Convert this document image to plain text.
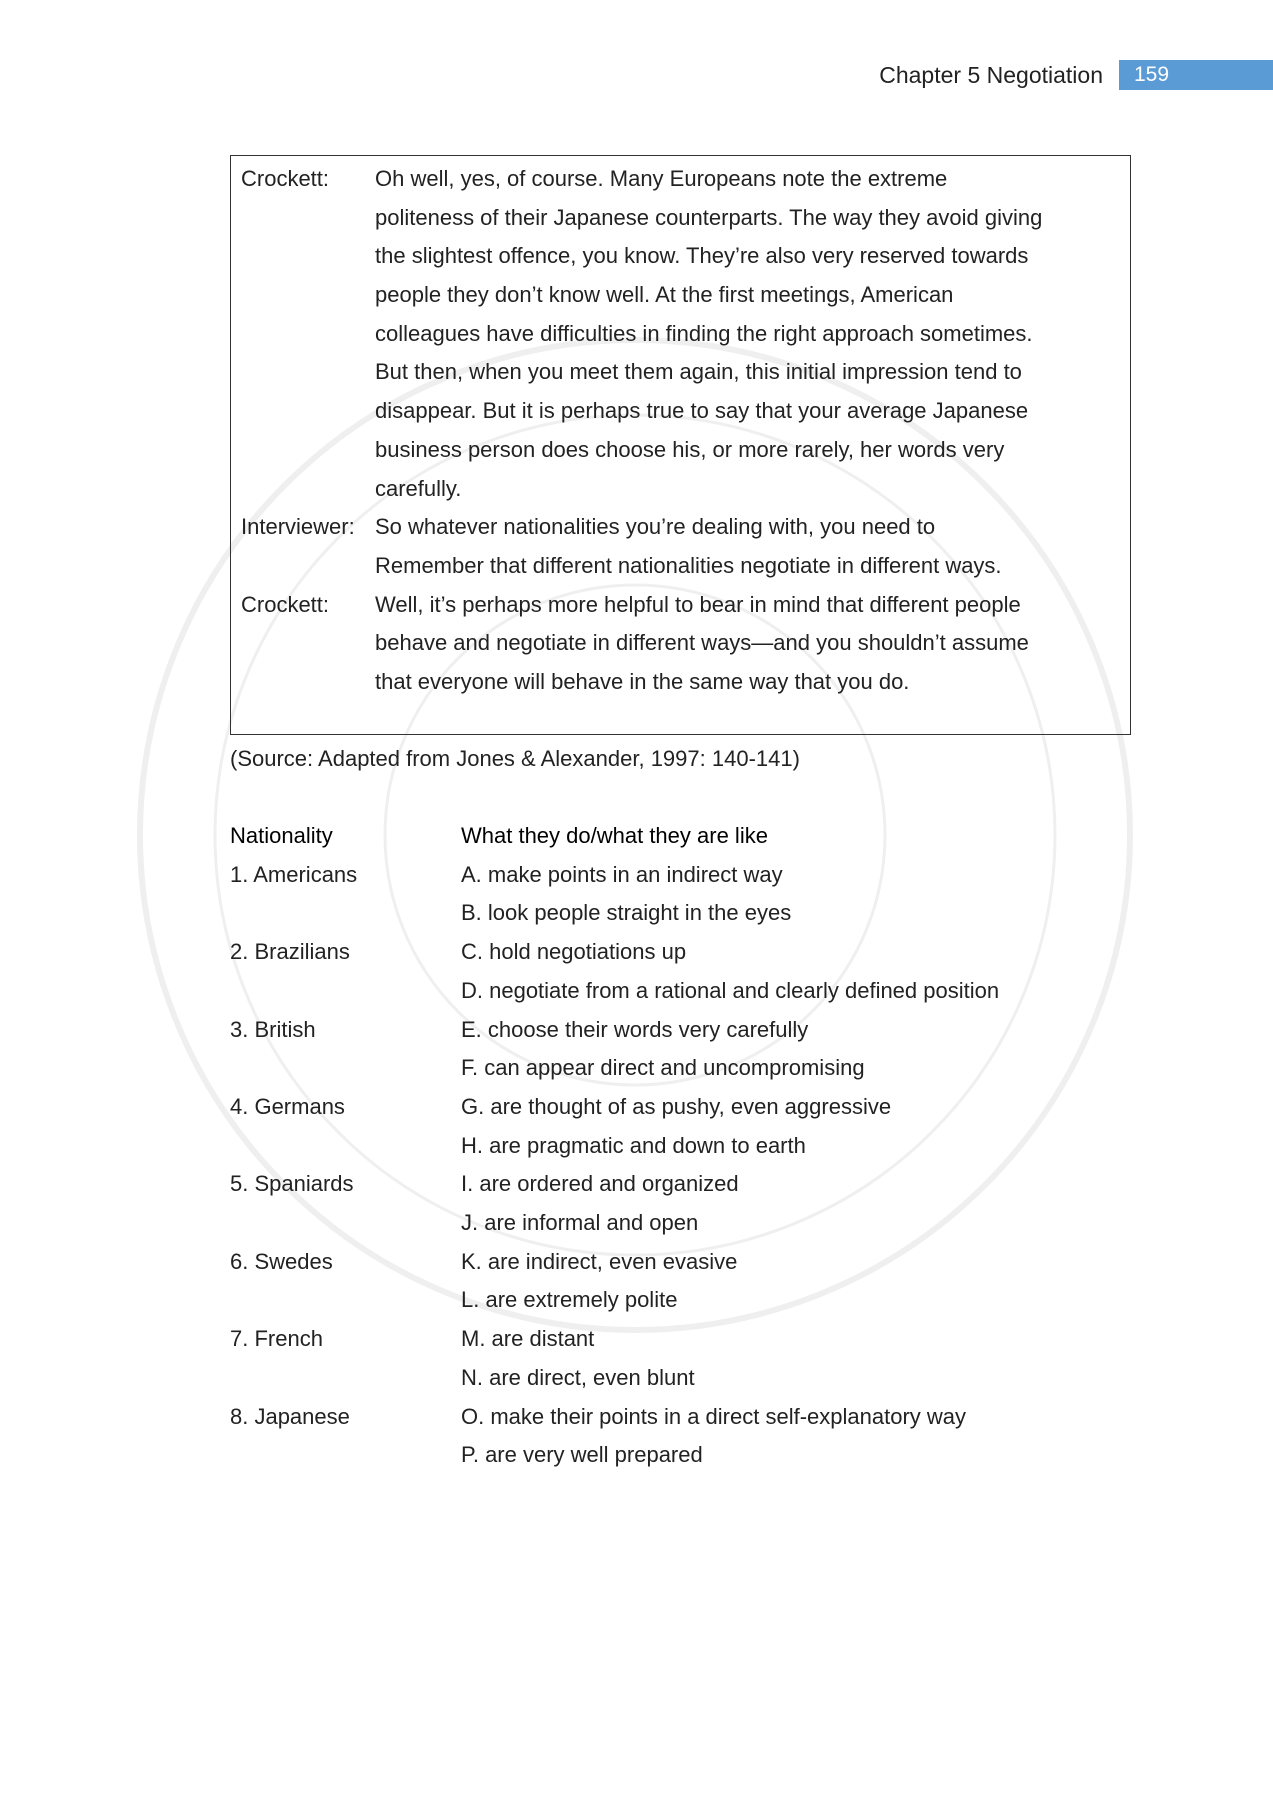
Chapter 5 Negotiation	159
Crockett:	Oh well, yes, of course. Many Europeans note the extreme
politeness of their Japanese counterparts. The way they avoid giving
the slightest offence, you know. They’re also very reserved towards
people they don’t know well. At the first meetings, American
colleagues have difficulties in finding the right approach sometimes.
But then, when you meet them again, this initial impression tend to
disappear. But it is perhaps true to say that your average Japanese
business person does choose his, or more rarely, her words very
carefully.
Interviewer: So whatever nationalities you’re dealing with, you need to
Remember that different nationalities negotiate in different ways.
Crockett:	Well, it’s perhaps more helpful to bear in mind that different people
behave and negotiate in different ways—and you shouldn’t assume
that everyone will behave in the same way that you do.
(Source: Adapted from Jones & Alexander, 1997: 140-141)
Nationality	What they do/what they are like
1. Americans	A. make points in an indirect way
B. look people straight in the eyes
2. Brazilians	C. hold negotiations up
D. negotiate from a rational and clearly defined position
3. British	E. choose their words very carefully
F. can appear direct and uncompromising
4. Germans	G. are thought of as pushy, even aggressive
H. are pragmatic and down to earth
5. Spaniards	I. are ordered and organized
J. are informal and open
6. Swedes	K. are indirect, even evasive
L. are extremely polite
7. French	M. are distant
N. are direct, even blunt
8. Japanese	O. make their points in a direct self-explanatory way
P. are very well prepared
